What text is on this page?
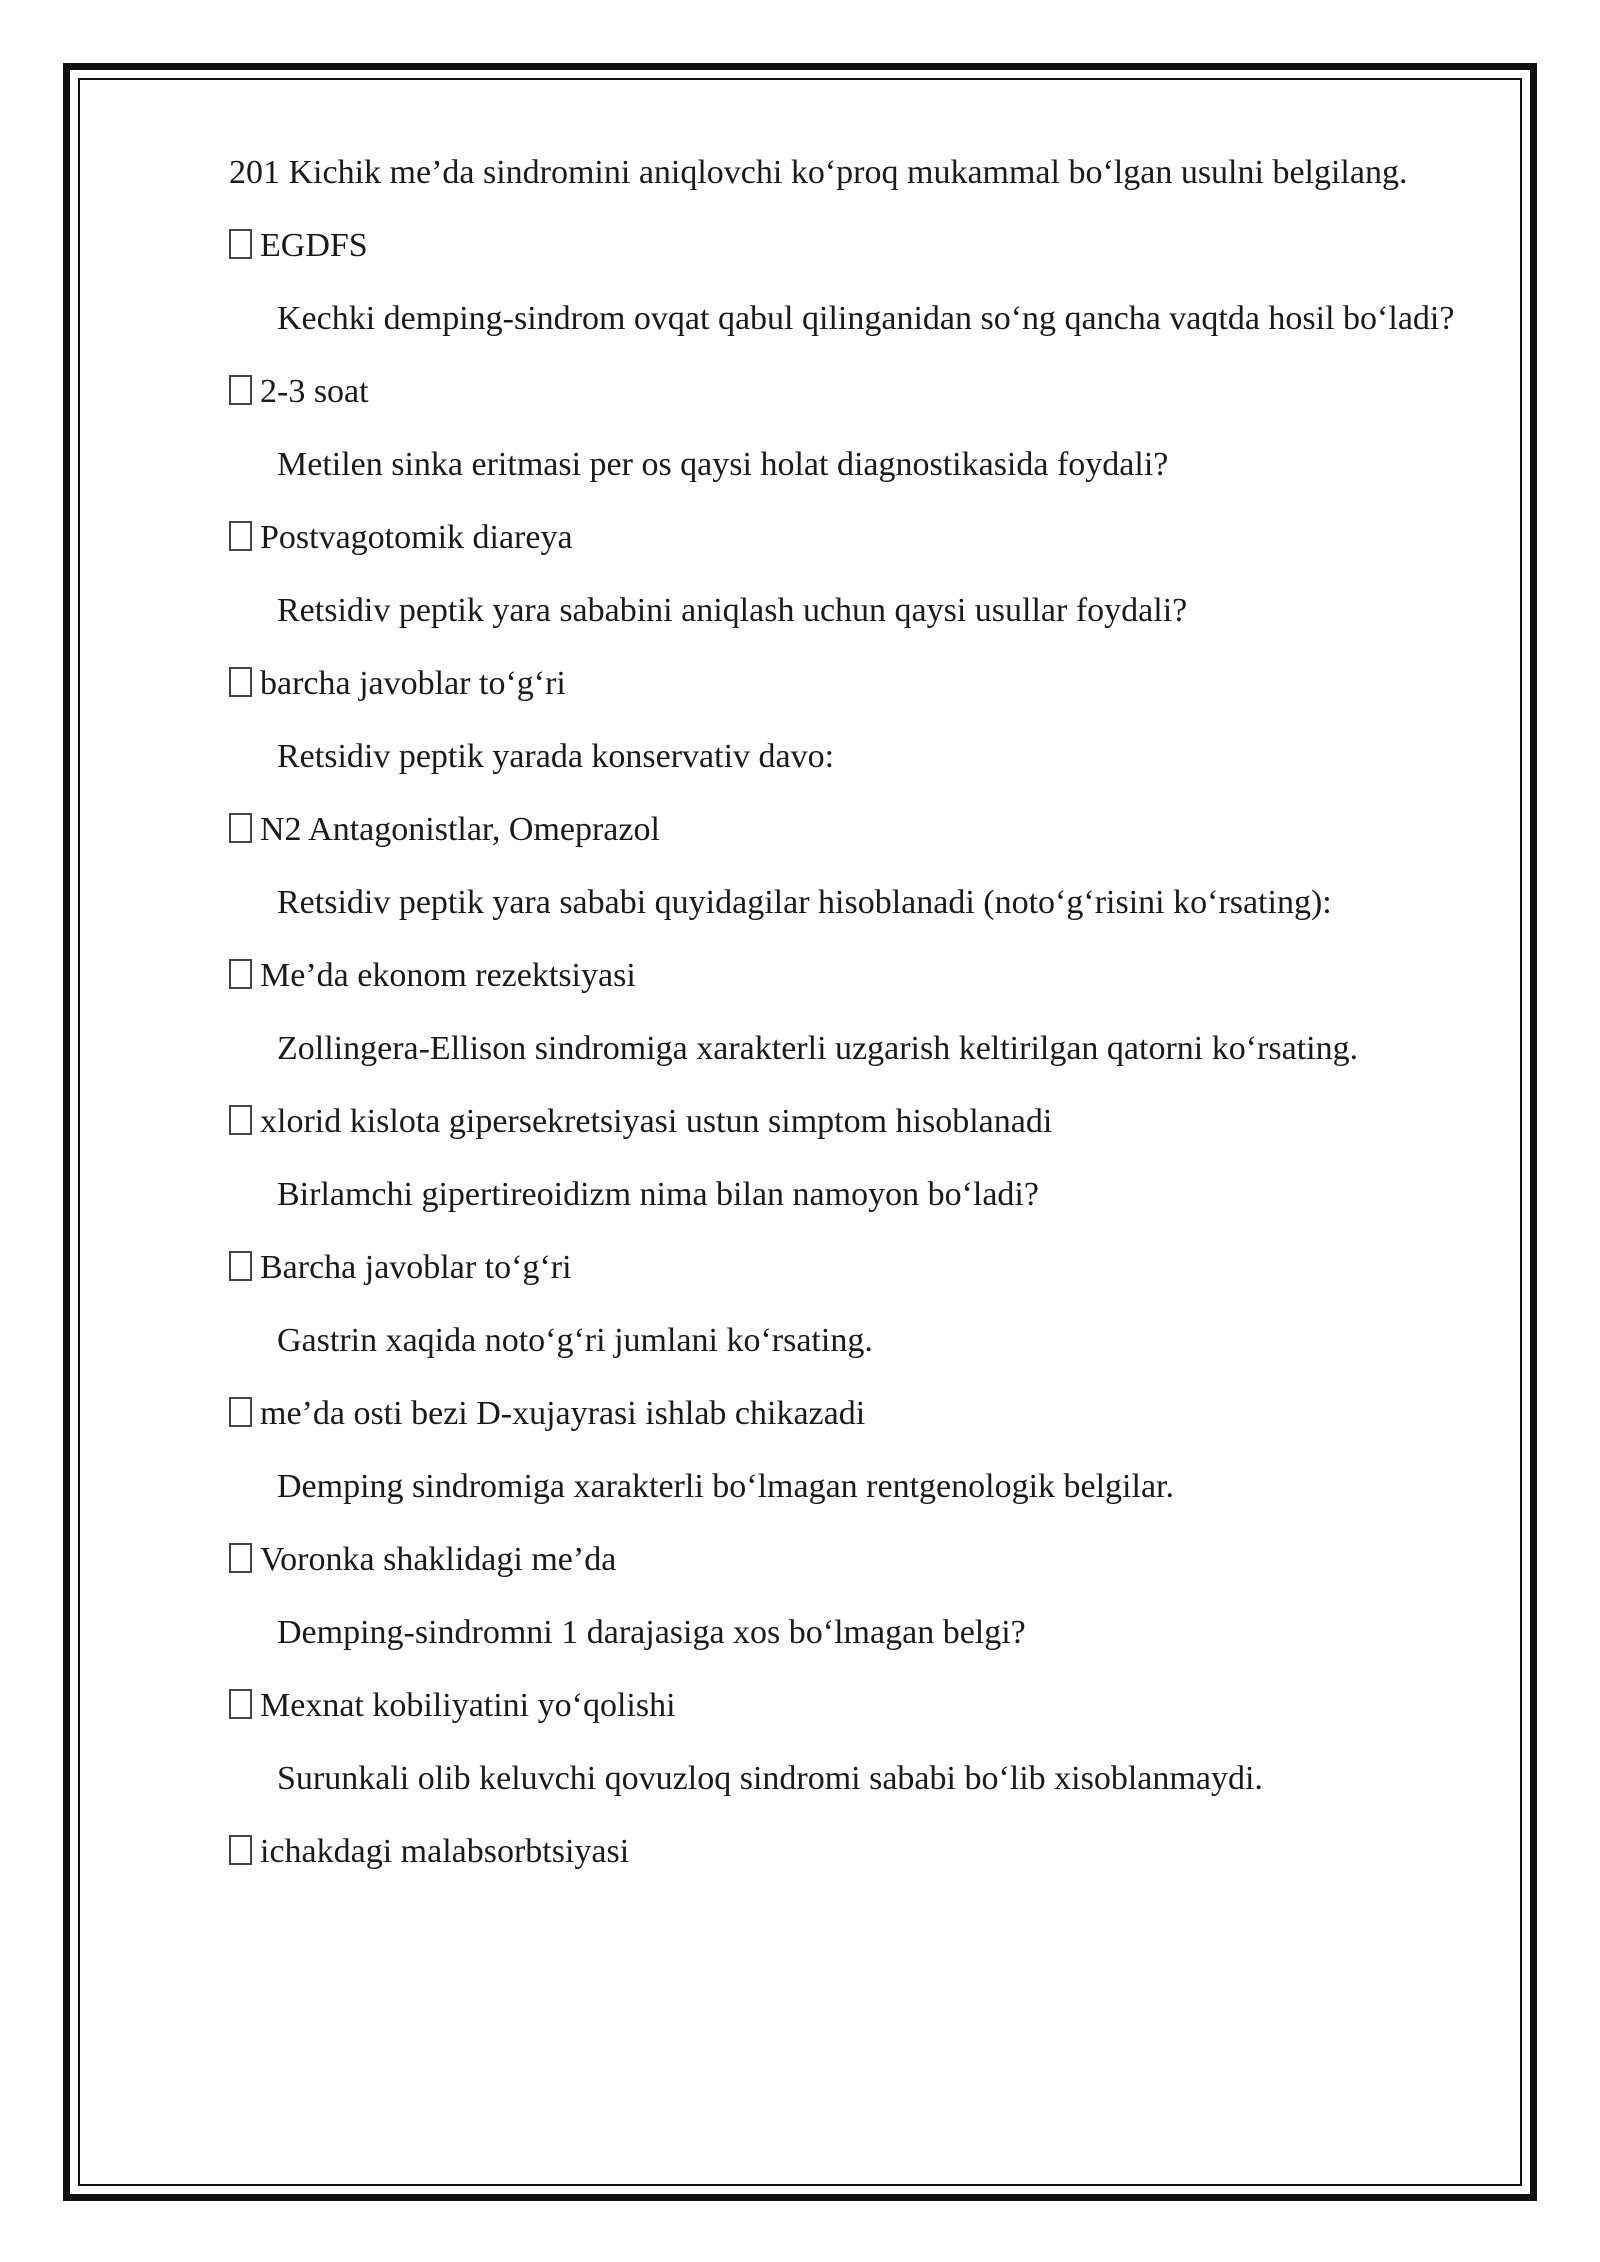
201 Kichik me’da sindromini aniqlovchi ko‘proq mukammal bo‘lgan usulni belgilang.

EGDFS

Kechki demping-sindrom ovqat qabul qilinganidan so‘ng qancha vaqtda hosil bo‘ladi?

2-3 soat

Metilen sinka eritmasi per os qaysi holat diagnostikasida foydali?

Postvagotomik diareya

Retsidiv peptik yara sababini aniqlash uchun qaysi usullar foydali?

barcha javoblar to‘g‘ri

Retsidiv peptik yarada konservativ davo:

N2 Antagonistlar, Omeprazol

Retsidiv peptik yara sababi quyidagilar hisoblanadi (noto‘g‘risini ko‘rsating):

Me’da ekonom rezektsiyasi

Zollingera-Ellison sindromiga xarakterli uzgarish keltirilgan qatorni ko‘rsating.

xlorid kislota gipersekretsiyasi ustun simptom hisoblanadi

Birlamchi gipertireoidizm nima bilan namoyon bo‘ladi?

Barcha javoblar to‘g‘ri

Gastrin xaqida noto‘g‘ri jumlani ko‘rsating.

me’da osti bezi D-xujayrasi ishlab chikazadi

Demping sindromiga xarakterli bo‘lmagan rentgenologik belgilar.

Voronka shaklidagi me’da

Demping-sindromni 1 darajasiga xos bo‘lmagan belgi?

Mexnat kobiliyatini yo‘qolishi

Surunkali olib keluvchi qovuzloq sindromi sababi bo‘lib xisoblanmaydi.

ichakdagi malabsorbtsiyasi
